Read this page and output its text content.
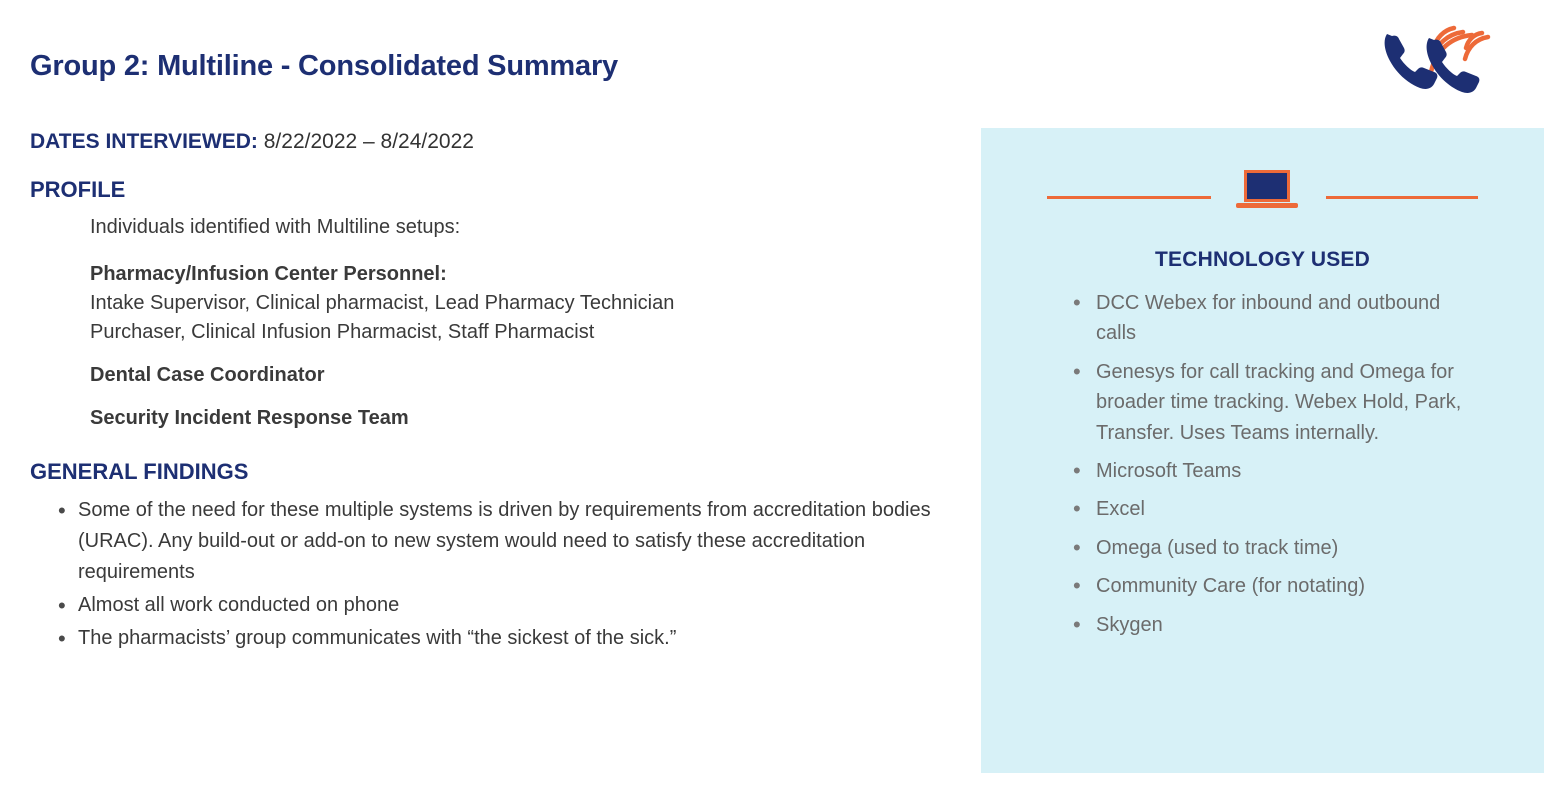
Group 2: Multiline - Consolidated Summary
DATES INTERVIEWED: 8/22/2022 – 8/24/2022
PROFILE
Individuals identified with Multiline setups:
Pharmacy/Infusion Center Personnel:
Intake Supervisor, Clinical pharmacist, Lead Pharmacy Technician
Purchaser, Clinical Infusion Pharmacist, Staff Pharmacist
Dental Case Coordinator
Security Incident Response Team
GENERAL FINDINGS
• Some of the need for these multiple systems is driven by requirements from accreditation bodies (URAC). Any build-out or add-on to new system would need to satisfy these accreditation requirements
• Almost all work conducted on phone
• The pharmacists’ group communicates with “the sickest of the sick.”
TECHNOLOGY USED
• DCC Webex for inbound and outbound calls
• Genesys for call tracking and Omega for broader time tracking. Webex Hold, Park, Transfer. Uses Teams internally.
• Microsoft Teams
• Excel
• Omega (used to track time)
• Community Care (for notating)
• Skygen
